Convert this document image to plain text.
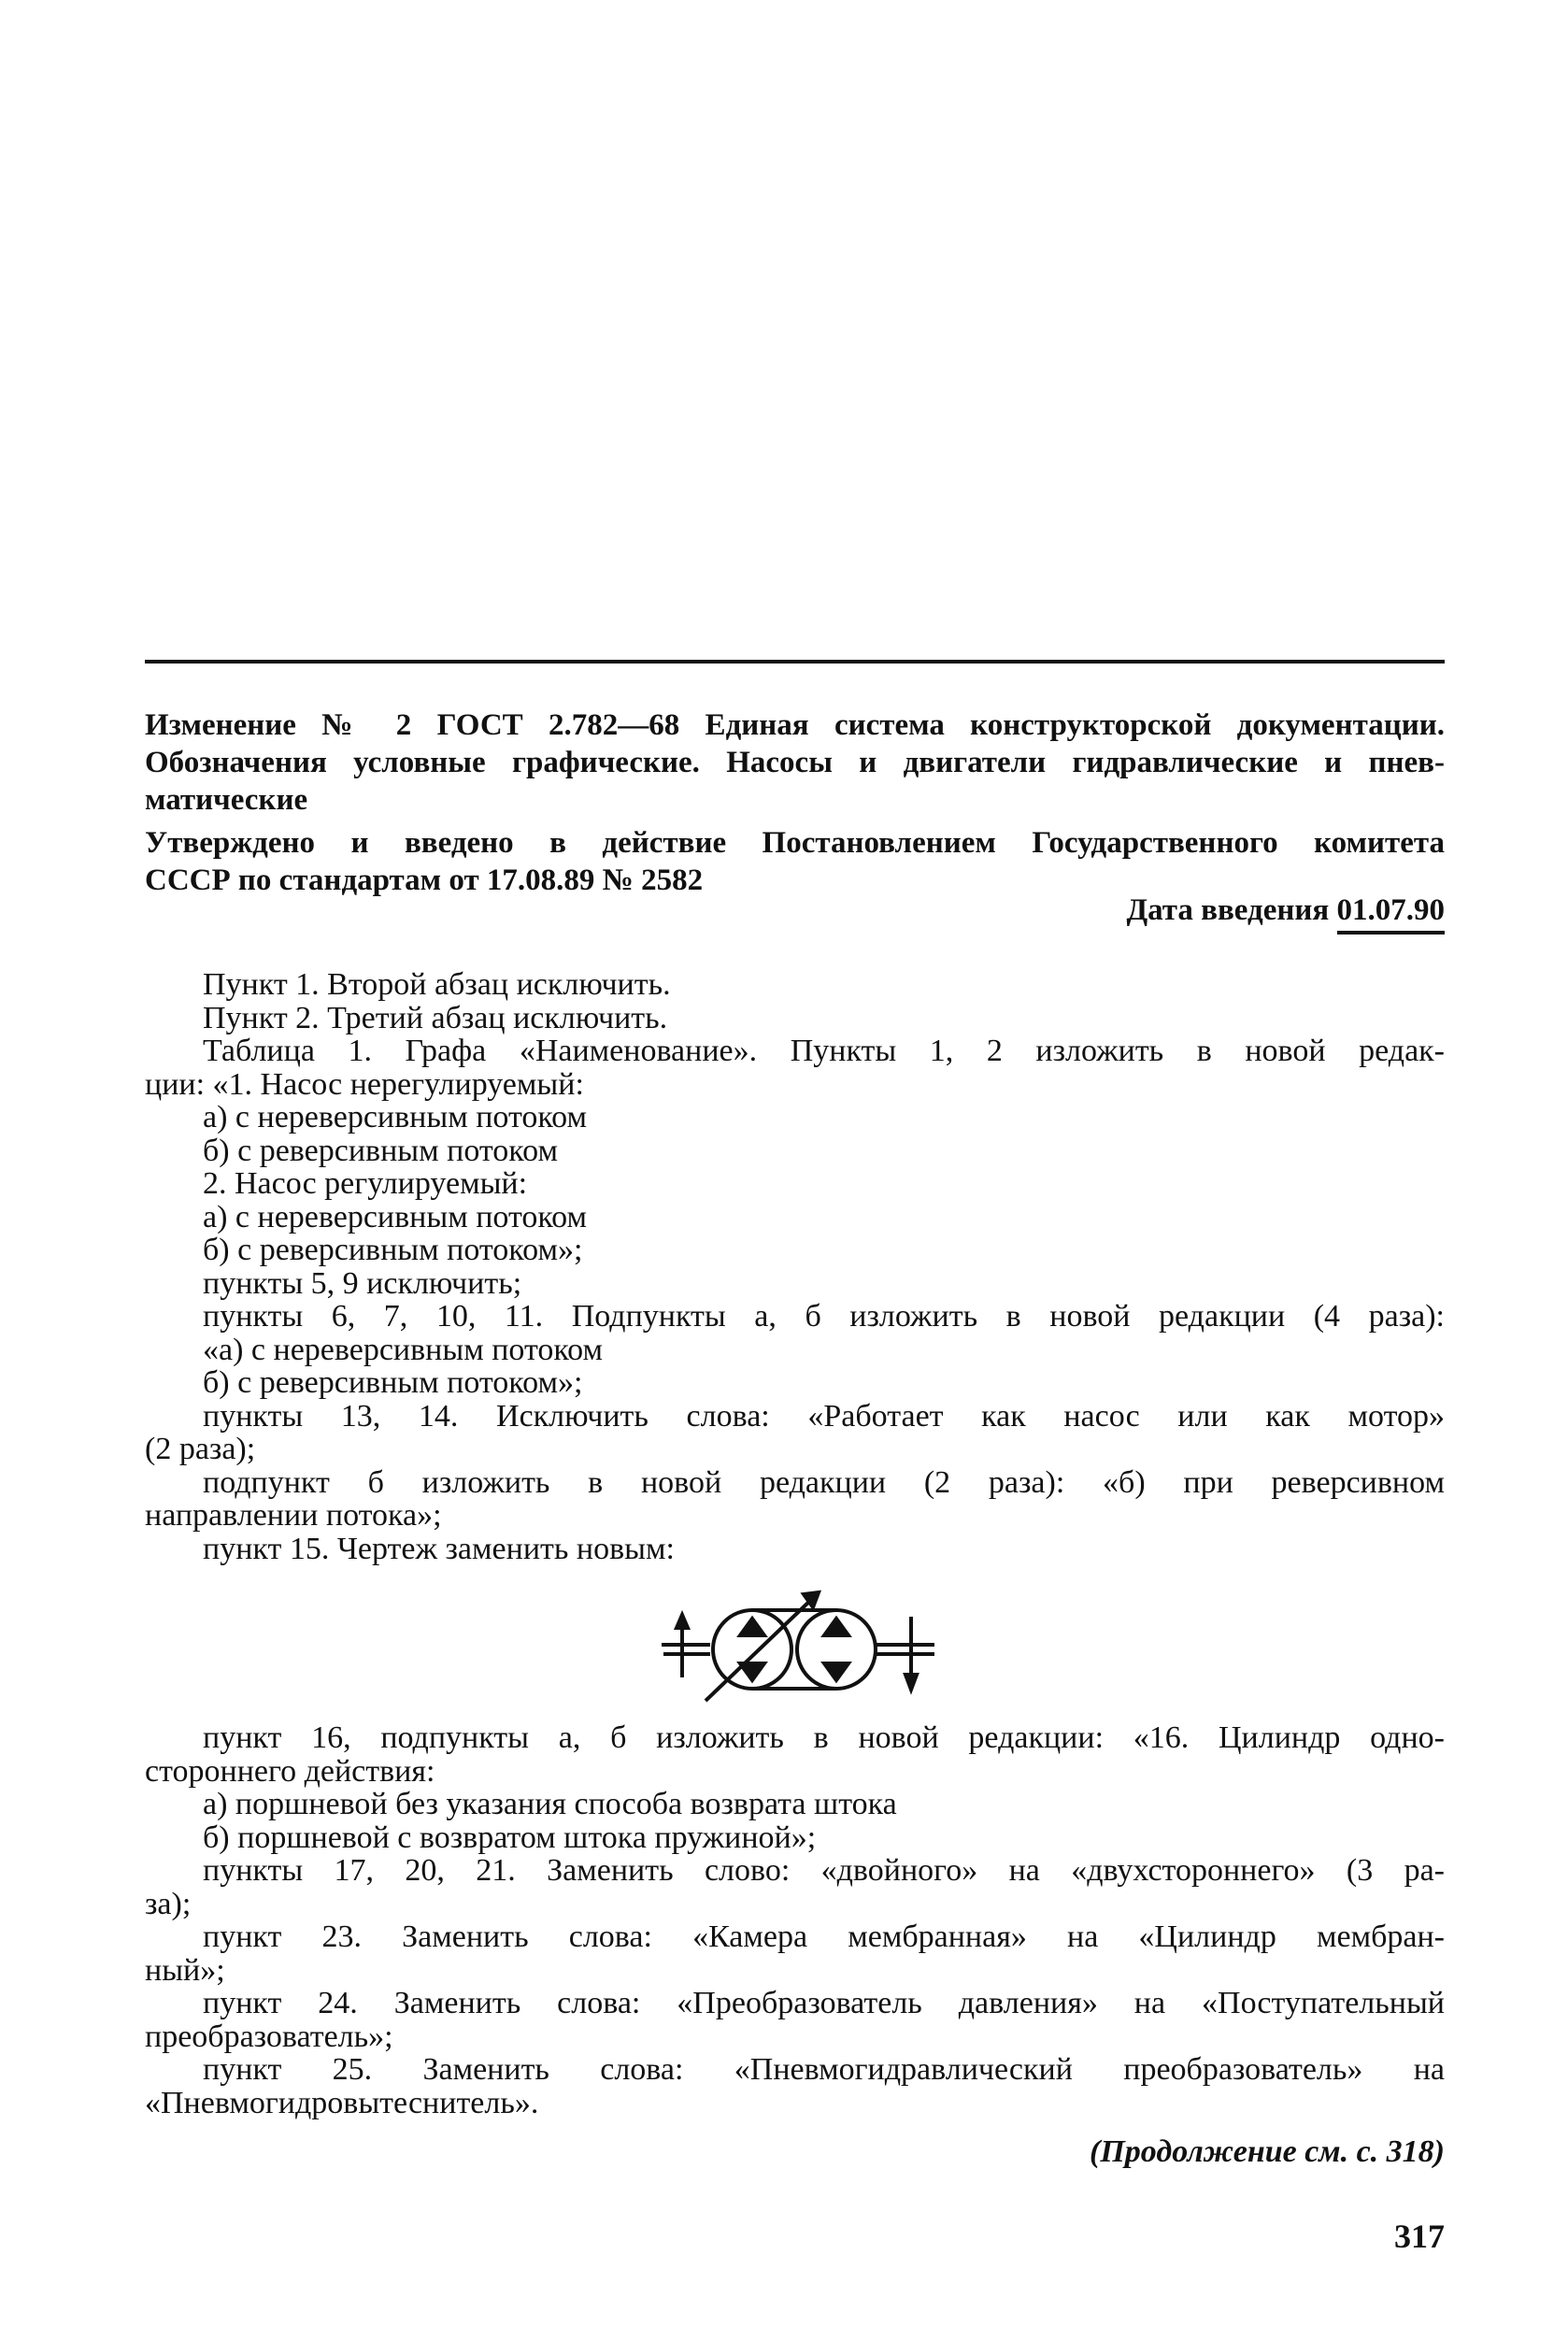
Изменение № 2 ГОСТ 2.782—68 Единая система конструкторской документации.
Обозначения условные графические. Насосы и двигатели гидравлические и пнев-
матические
Утверждено и введено в действие Постановлением Государственного комитета
СССР по стандартам от 17.08.89 № 2582
Дата введения 01.07.90
Пункт 1. Второй абзац исключить.
Пункт 2. Третий абзац исключить.
Таблица 1. Графа «Наименование». Пункты 1, 2 изложить в новой редак-
ции: «1. Насос нерегулируемый:
а) с нереверсивным потоком
б) с реверсивным потоком
2. Насос регулируемый:
а) с нереверсивным потоком
б) с реверсивным потоком»;
пункты 5, 9 исключить;
пункты 6, 7, 10, 11. Подпункты а, б изложить в новой редакции (4 раза):
«а) с нереверсивным потоком
б) с реверсивным потоком»;
пункты 13, 14. Исключить слова: «Работает как насос или как мотор»
(2 раза);
подпункт б изложить в новой редакции (2 раза): «б) при реверсивном
направлении потока»;
пункт 15. Чертеж заменить новым:
пункт 16, подпункты а, б изложить в новой редакции: «16. Цилиндр одно-
стороннего действия:
а) поршневой без указания способа возврата штока
б) поршневой с возвратом штока пружиной»;
пункты 17, 20, 21. Заменить слово: «двойного» на «двухстороннего» (3 ра-
за);
пункт 23. Заменить слова: «Камера мембранная» на «Цилиндр мембран-
ный»;
пункт 24. Заменить слова: «Преобразователь давления» на «Поступательный
преобразователь»;
пункт 25. Заменить слова: «Пневмогидравлический преобразователь» на
«Пневмогидровытеснитель».
(Продолжение см. с. 318)
317
